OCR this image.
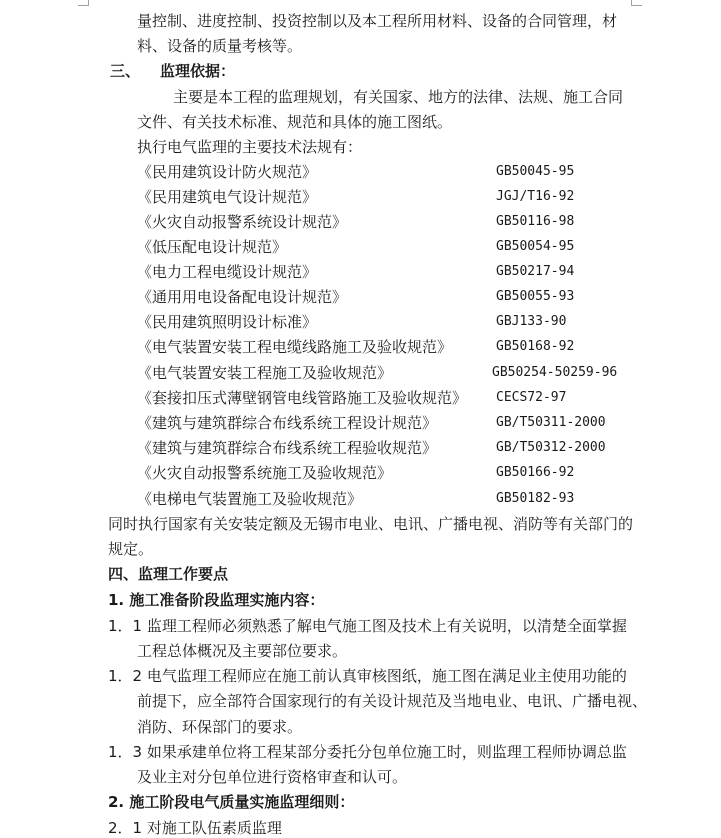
量控制、进度控制、投资控制以及本工程所用材料、设备的合同管理，材
料、设备的质量考核等。
三、 监理依据：
主要是本工程的监理规划，有关国家、地方的法律、法规、施工合同
文件、有关技术标准、规范和具体的施工图纸。
执行电气监理的主要技术法规有：
《民用建筑设计防火规范》	GB50045-95
《民用建筑电气设计规范》	JGJ/T16-92
《火灾自动报警系统设计规范》	GB50116-98
《低压配电设计规范》	GB50054-95
《电力工程电缆设计规范》	GB50217-94
《通用用电设备配电设计规范》	GB50055-93
《民用建筑照明设计标准》	GBJ133-90
《电气装置安装工程电缆线路施工及验收规范》	GB50168-92
《电气装置安装工程施工及验收规范》	GB50254-50259-96
《套接扣压式薄壁钢管电线管路施工及验收规范》 CECS72-97
《建筑与建筑群综合布线系统工程设计规范》	GB/T50311-2000
《建筑与建筑群综合布线系统工程验收规范》	GB/T50312-2000
《火灾自动报警系统施工及验收规范》	GB50166-92
《电梯电气装置施工及验收规范》	GB50182-93
同时执行国家有关安装定额及无锡市电业、电讯、广播电视、消防等有关部门的
规定。
四、监理工作要点
1. 施工准备阶段监理实施内容：
1．1 监理工程师必须熟悉了解电气施工图及技术上有关说明，以清楚全面掌握
工程总体概况及主要部位要求。
1．2 电气监理工程师应在施工前认真审核图纸，施工图在满足业主使用功能的
前提下，应全部符合国家现行的有关设计规范及当地电业、电讯、广播电视、
消防、环保部门的要求。
1．3 如果承建单位将工程某部分委托分包单位施工时，则监理工程师协调总监
及业主对分包单位进行资格审查和认可。
2. 施工阶段电气质量实施监理细则：
2．1 对施工队伍素质监理
